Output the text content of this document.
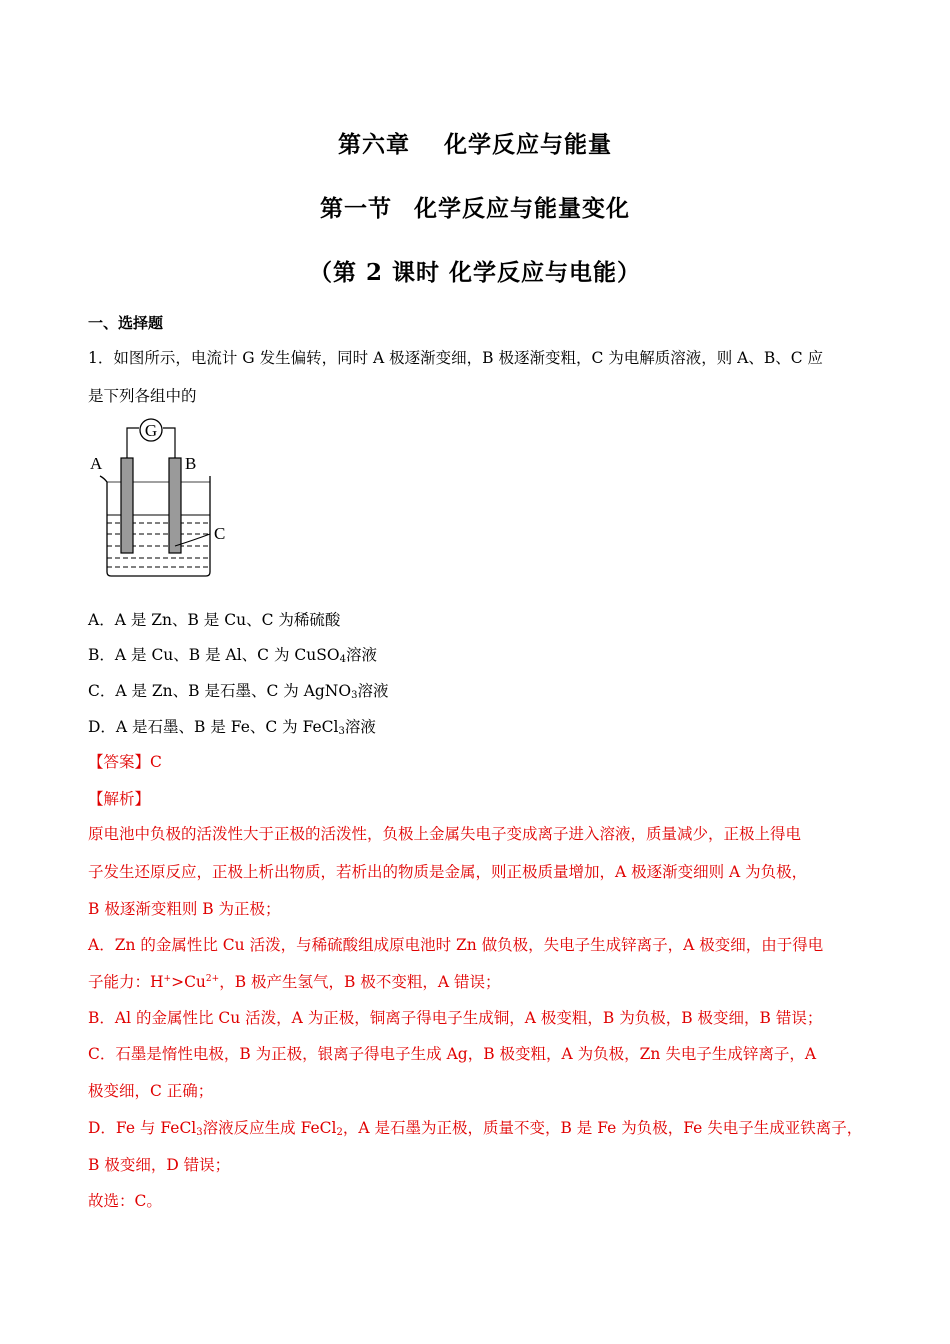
第六章 化学反应与能量
第一节 化学反应与能量变化
（第 2 课时 化学反应与电能）
一、选择题
1．如图所示，电流计 G 发生偏转，同时 A 极逐渐变细，B 极逐渐变粗，C 为电解质溶液，则 A、B、C 应
是下列各组中的
G
A	B
C
A．A 是 Zn、B 是 Cu、C 为稀硫酸
B．A 是 Cu、B 是 Al、C 为 CuSO$_4$溶液
C．A 是 Zn、B 是石墨、C 为 AgNO$_3$溶液
D．A 是石墨、B 是 Fe、C 为 FeCl$_3$溶液
【答案】C
【解析】
原电池中负极的活泼性大于正极的活泼性，负极上金属失电子变成离子进入溶液，质量减少，正极上得电
子发生还原反应，正极上析出物质，若析出的物质是金属，则正极质量增加，A 极逐渐变细则 A 为负极，
B 极逐渐变粗则 B 为正极；
A．Zn 的金属性比 Cu 活泼，与稀硫酸组成原电池时 Zn 做负极，失电子生成锌离子，A 极变细，由于得电
子能力：$H^+>Cu^{2+}$，B 极产生氢气，B 极不变粗，A 错误；
B．Al 的金属性比 Cu 活泼，A 为正极，铜离子得电子生成铜，A 极变粗，B 为负极，B 极变细，B 错误；
C．石墨是惰性电极，B 为正极，银离子得电子生成 Ag，B 极变粗，A 为负极，Zn 失电子生成锌离子，A
极变细，C 正确；
D．Fe 与 FeCl$_3$溶液反应生成 FeCl$_2$，A 是石墨为正极，质量不变，B 是 Fe 为负极，Fe 失电子生成亚铁离子，
B 极变细，D 错误；
故选：C。
